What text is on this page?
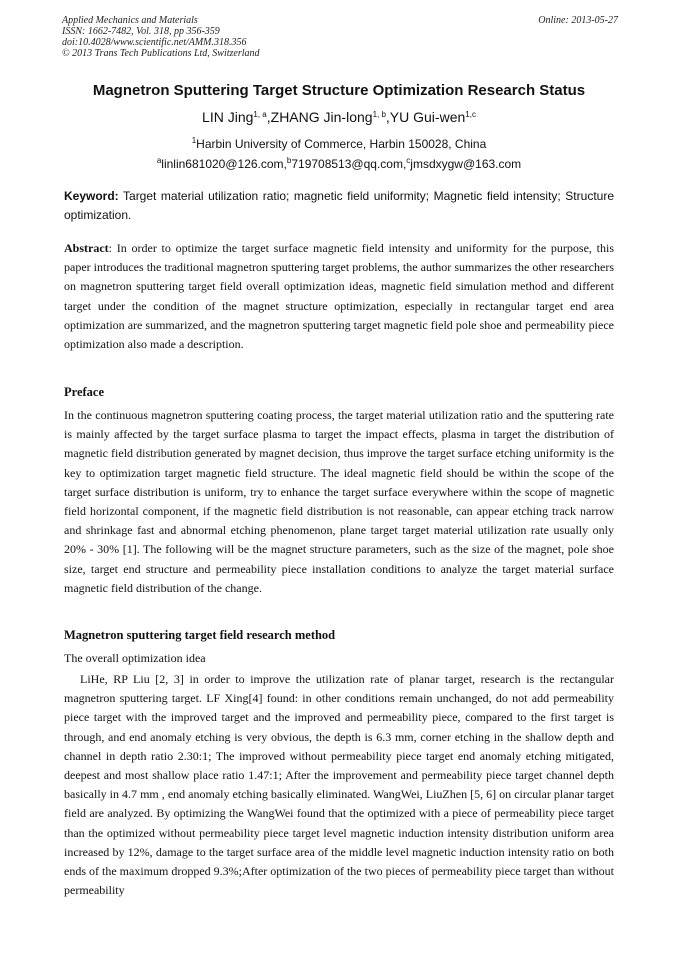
Applied Mechanics and Materials
ISSN: 1662-7482, Vol. 318, pp 356-359
doi:10.4028/www.scientific.net/AMM.318.356
© 2013 Trans Tech Publications Ltd, Switzerland
Online: 2013-05-27
Magnetron Sputtering Target Structure Optimization Research Status
LIN Jing$^{1, a}$,ZHANG Jin-long$^{1, b}$,YU Gui-wen$^{1,c}$
$^1$Harbin University of Commerce, Harbin 150028, China
$^a$linlin681020@126.com,$^b$719708513@qq.com,$^c$jmsdxygw@163.com
Keyword: Target material utilization ratio; magnetic field uniformity; Magnetic field intensity; Structure optimization.
Abstract: In order to optimize the target surface magnetic field intensity and uniformity for the purpose, this paper introduces the traditional magnetron sputtering target problems, the author summarizes the other researchers on magnetron sputtering target field overall optimization ideas, magnetic field simulation method and different target under the condition of the magnet structure optimization, especially in rectangular target end area optimization are summarized, and the magnetron sputtering target magnetic field pole shoe and permeability piece optimization also made a description.
Preface
In the continuous magnetron sputtering coating process, the target material utilization ratio and the sputtering rate is mainly affected by the target surface plasma to target the impact effects, plasma in target the distribution of magnetic field distribution generated by magnet decision, thus improve the target surface etching uniformity is the key to optimization target magnetic field structure. The ideal magnetic field should be within the scope of the target surface distribution is uniform, try to enhance the target surface everywhere within the scope of magnetic field horizontal component, if the magnetic field distribution is not reasonable, can appear etching track narrow and shrinkage fast and abnormal etching phenomenon, plane target target material utilization rate usually only 20% - 30% [1]. The following will be the magnet structure parameters, such as the size of the magnet, pole shoe size, target end structure and permeability piece installation conditions to analyze the target material surface magnetic field distribution of the change.
Magnetron sputtering target field research method
The overall optimization idea
LiHe, RP Liu [2, 3] in order to improve the utilization rate of planar target, research is the rectangular magnetron sputtering target. LF Xing[4] found: in other conditions remain unchanged, do not add permeability piece target with the improved target and the improved and permeability piece, compared to the first target is through, and end anomaly etching is very obvious, the depth is 6.3 mm, corner etching in the shallow depth and channel in depth ratio 2.30:1; The improved without permeability piece target end anomaly etching mitigated, deepest and most shallow place ratio 1.47:1; After the improvement and permeability piece target channel depth basically in 4.7 mm , end anomaly etching basically eliminated. WangWei, LiuZhen [5, 6] on circular planar target field are analyzed. By optimizing the WangWei found that the optimized with a piece of permeability piece target than the optimized without permeability piece target level magnetic induction intensity distribution uniform area increased by 12%, damage to the target surface area of the middle level magnetic induction intensity ratio on both ends of the maximum dropped 9.3%;After optimization of the two pieces of permeability piece target than without permeability
